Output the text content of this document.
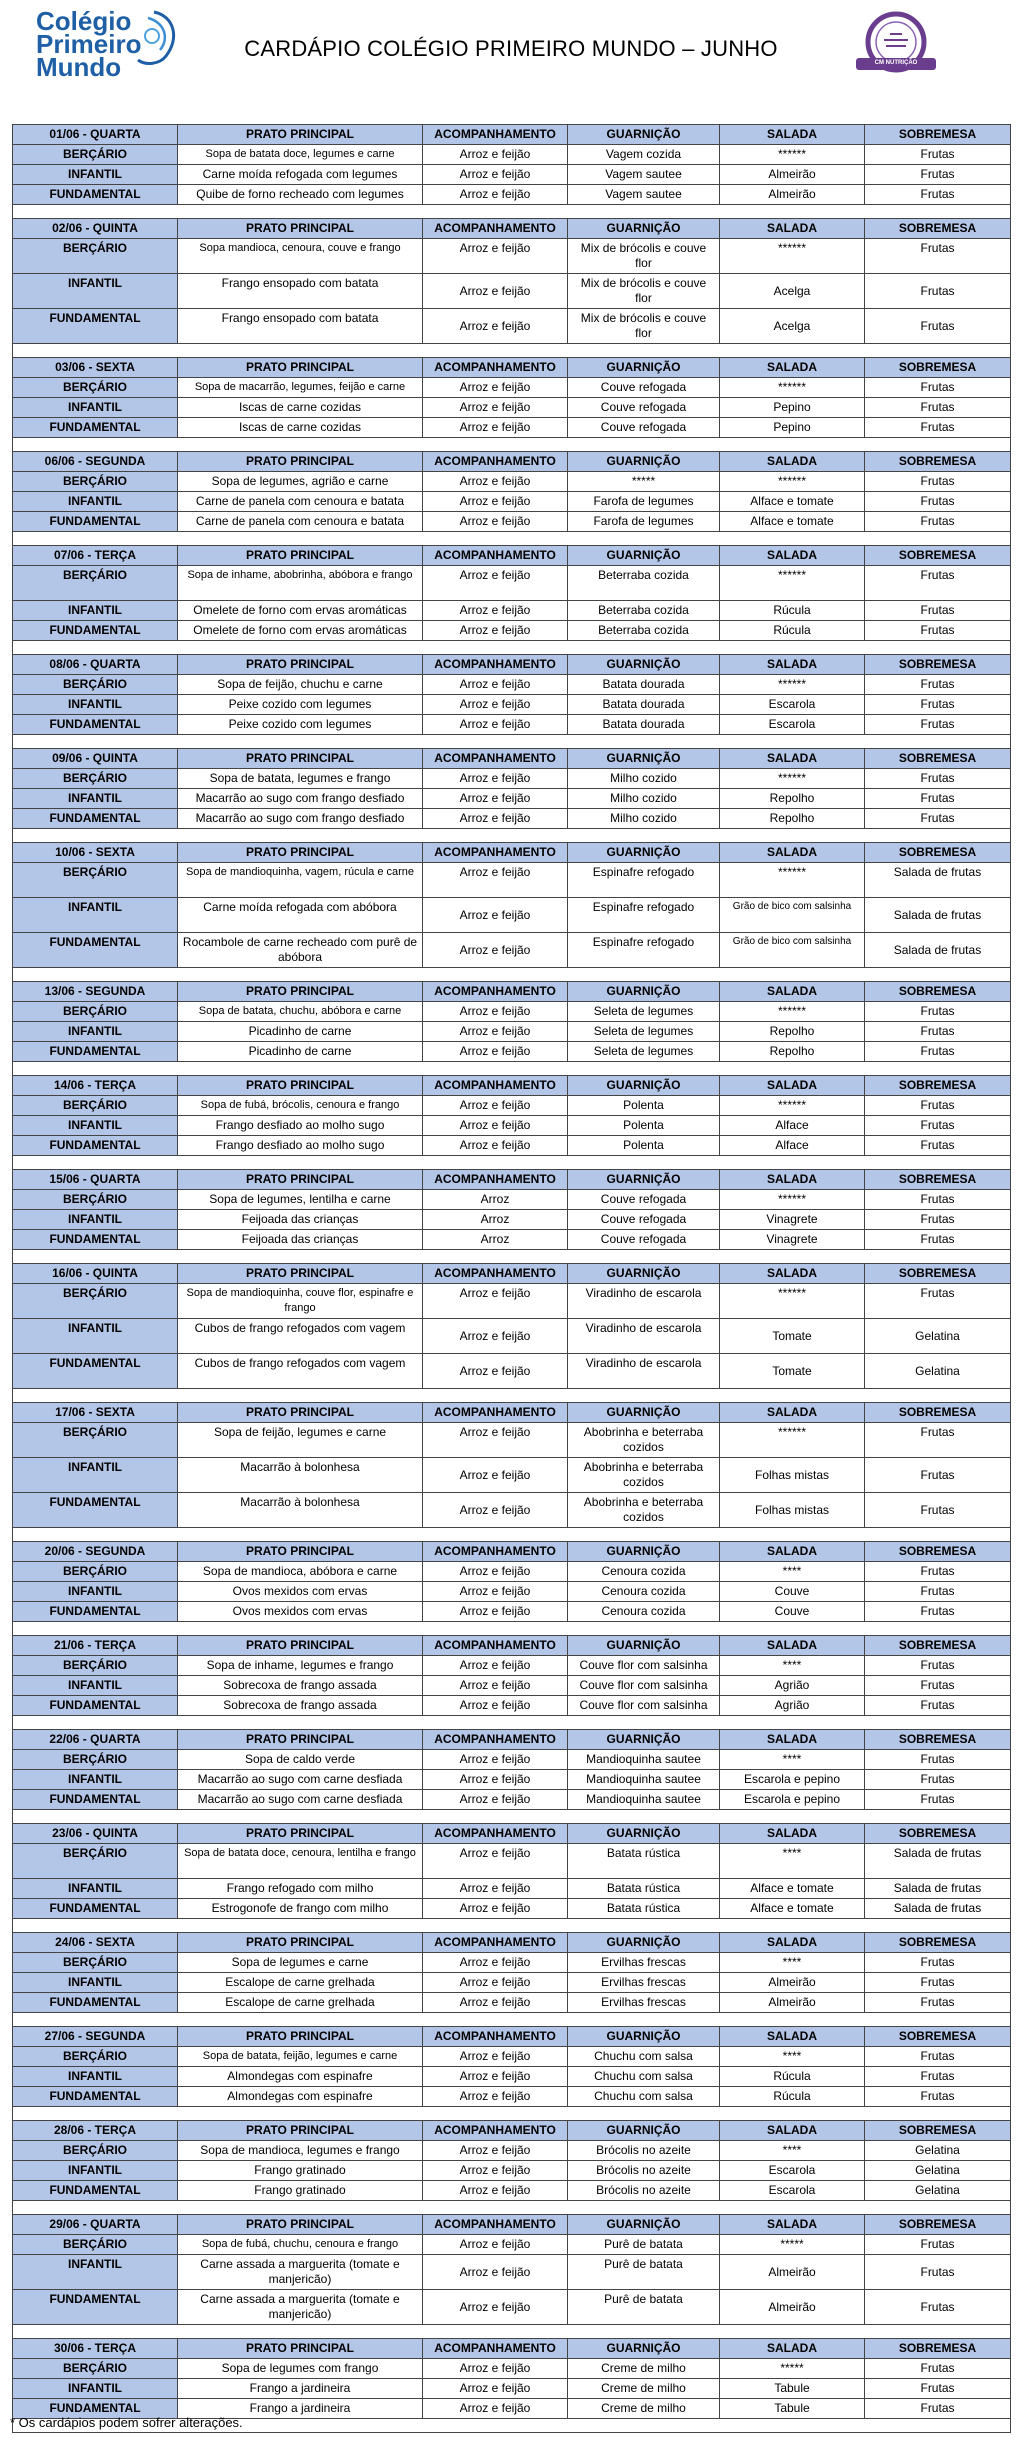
Colégio
Primeiro
Mundo
CARDÁPIO COLÉGIO PRIMEIRO MUNDO – JUNHO
CM NUTRIÇÃO
01/06 - QUARTA	PRATO PRINCIPAL	ACOMPANHAMENTO	GUARNIÇÃO	SALADA	SOBREMESA
BERÇÁRIO	Sopa de batata doce, legumes e carne	Arroz e feijão	Vagem cozida	******	Frutas
INFANTIL	Carne moída refogada com legumes	Arroz e feijão	Vagem sautee	Almeirão	Frutas
FUNDAMENTAL	Quibe de forno recheado com legumes	Arroz e feijão	Vagem sautee	Almeirão	Frutas

02/06 - QUINTA	PRATO PRINCIPAL	ACOMPANHAMENTO	GUARNIÇÃO	SALADA	SOBREMESA
BERÇÁRIO	Sopa mandioca, cenoura, couve e frango	Arroz e feijão	Mix de brócolis e couve flor	******	Frutas
INFANTIL	Frango ensopado com batata	Arroz e feijão	Mix de brócolis e couve flor	Acelga	Frutas
FUNDAMENTAL	Frango ensopado com batata	Arroz e feijão	Mix de brócolis e couve flor	Acelga	Frutas

03/06 - SEXTA	PRATO PRINCIPAL	ACOMPANHAMENTO	GUARNIÇÃO	SALADA	SOBREMESA
BERÇÁRIO	Sopa de macarrão, legumes, feijão e carne	Arroz e feijão	Couve refogada	******	Frutas
INFANTIL	Iscas de carne cozidas	Arroz e feijão	Couve refogada	Pepino	Frutas
FUNDAMENTAL	Iscas de carne cozidas	Arroz e feijão	Couve refogada	Pepino	Frutas

06/06 - SEGUNDA	PRATO PRINCIPAL	ACOMPANHAMENTO	GUARNIÇÃO	SALADA	SOBREMESA
BERÇÁRIO	Sopa de legumes, agrião e carne	Arroz e feijão	*****	******	Frutas
INFANTIL	Carne de panela com cenoura e batata	Arroz e feijão	Farofa de legumes	Alface e tomate	Frutas
FUNDAMENTAL	Carne de panela com cenoura e batata	Arroz e feijão	Farofa de legumes	Alface e tomate	Frutas

07/06 - TERÇA	PRATO PRINCIPAL	ACOMPANHAMENTO	GUARNIÇÃO	SALADA	SOBREMESA
BERÇÁRIO	Sopa de inhame, abobrinha, abóbora e frango	Arroz e feijão	Beterraba cozida	******	Frutas
INFANTIL	Omelete de forno com ervas aromáticas	Arroz e feijão	Beterraba cozida	Rúcula	Frutas
FUNDAMENTAL	Omelete de forno com ervas aromáticas	Arroz e feijão	Beterraba cozida	Rúcula	Frutas

08/06 - QUARTA	PRATO PRINCIPAL	ACOMPANHAMENTO	GUARNIÇÃO	SALADA	SOBREMESA
BERÇÁRIO	Sopa de feijão, chuchu e carne	Arroz e feijão	Batata dourada	******	Frutas
INFANTIL	Peixe cozido com legumes	Arroz e feijão	Batata dourada	Escarola	Frutas
FUNDAMENTAL	Peixe cozido com legumes	Arroz e feijão	Batata dourada	Escarola	Frutas

09/06 - QUINTA	PRATO PRINCIPAL	ACOMPANHAMENTO	GUARNIÇÃO	SALADA	SOBREMESA
BERÇÁRIO	Sopa de batata, legumes e frango	Arroz e feijão	Milho cozido	******	Frutas
INFANTIL	Macarrão ao sugo com frango desfiado	Arroz e feijão	Milho cozido	Repolho	Frutas
FUNDAMENTAL	Macarrão ao sugo com frango desfiado	Arroz e feijão	Milho cozido	Repolho	Frutas

10/06 - SEXTA	PRATO PRINCIPAL	ACOMPANHAMENTO	GUARNIÇÃO	SALADA	SOBREMESA
BERÇÁRIO	Sopa de mandioquinha, vagem, rúcula e carne	Arroz e feijão	Espinafre refogado	******	Salada de frutas
INFANTIL	Carne moída refogada com abóbora	Arroz e feijão	Espinafre refogado	Grão de bico com salsinha	Salada de frutas
FUNDAMENTAL	Rocambole de carne recheado com purê de abóbora	Arroz e feijão	Espinafre refogado	Grão de bico com salsinha	Salada de frutas

13/06 - SEGUNDA	PRATO PRINCIPAL	ACOMPANHAMENTO	GUARNIÇÃO	SALADA	SOBREMESA
BERÇÁRIO	Sopa de batata, chuchu, abóbora e carne	Arroz e feijão	Seleta de legumes	******	Frutas
INFANTIL	Picadinho de carne	Arroz e feijão	Seleta de legumes	Repolho	Frutas
FUNDAMENTAL	Picadinho de carne	Arroz e feijão	Seleta de legumes	Repolho	Frutas

14/06 - TERÇA	PRATO PRINCIPAL	ACOMPANHAMENTO	GUARNIÇÃO	SALADA	SOBREMESA
BERÇÁRIO	Sopa de fubá, brócolis, cenoura e frango	Arroz e feijão	Polenta	******	Frutas
INFANTIL	Frango desfiado ao molho sugo	Arroz e feijão	Polenta	Alface	Frutas
FUNDAMENTAL	Frango desfiado ao molho sugo	Arroz e feijão	Polenta	Alface	Frutas

15/06 - QUARTA	PRATO PRINCIPAL	ACOMPANHAMENTO	GUARNIÇÃO	SALADA	SOBREMESA
BERÇÁRIO	Sopa de legumes, lentilha e carne	Arroz	Couve refogada	******	Frutas
INFANTIL	Feijoada das crianças	Arroz	Couve refogada	Vinagrete	Frutas
FUNDAMENTAL	Feijoada das crianças	Arroz	Couve refogada	Vinagrete	Frutas

16/06 - QUINTA	PRATO PRINCIPAL	ACOMPANHAMENTO	GUARNIÇÃO	SALADA	SOBREMESA
BERÇÁRIO	Sopa de mandioquinha, couve flor, espinafre e frango	Arroz e feijão	Viradinho de escarola	******	Frutas
INFANTIL	Cubos de frango refogados com vagem	Arroz e feijão	Viradinho de escarola	Tomate	Gelatina
FUNDAMENTAL	Cubos de frango refogados com vagem	Arroz e feijão	Viradinho de escarola	Tomate	Gelatina

17/06 - SEXTA	PRATO PRINCIPAL	ACOMPANHAMENTO	GUARNIÇÃO	SALADA	SOBREMESA
BERÇÁRIO	Sopa de feijão, legumes e carne	Arroz e feijão	Abobrinha e beterraba cozidos	******	Frutas
INFANTIL	Macarrão à bolonhesa	Arroz e feijão	Abobrinha e beterraba cozidos	Folhas mistas	Frutas
FUNDAMENTAL	Macarrão à bolonhesa	Arroz e feijão	Abobrinha e beterraba cozidos	Folhas mistas	Frutas

20/06 - SEGUNDA	PRATO PRINCIPAL	ACOMPANHAMENTO	GUARNIÇÃO	SALADA	SOBREMESA
BERÇÁRIO	Sopa de mandioca, abóbora e carne	Arroz e feijão	Cenoura cozida	****	Frutas
INFANTIL	Ovos mexidos com ervas	Arroz e feijão	Cenoura cozida	Couve	Frutas
FUNDAMENTAL	Ovos mexidos com ervas	Arroz e feijão	Cenoura cozida	Couve	Frutas

21/06 - TERÇA	PRATO PRINCIPAL	ACOMPANHAMENTO	GUARNIÇÃO	SALADA	SOBREMESA
BERÇÁRIO	Sopa de inhame, legumes e frango	Arroz e feijão	Couve flor com salsinha	****	Frutas
INFANTIL	Sobrecoxa de frango assada	Arroz e feijão	Couve flor com salsinha	Agrião	Frutas
FUNDAMENTAL	Sobrecoxa de frango assada	Arroz e feijão	Couve flor com salsinha	Agrião	Frutas

22/06 - QUARTA	PRATO PRINCIPAL	ACOMPANHAMENTO	GUARNIÇÃO	SALADA	SOBREMESA
BERÇÁRIO	Sopa de caldo verde	Arroz e feijão	Mandioquinha sautee	****	Frutas
INFANTIL	Macarrão ao sugo com carne desfiada	Arroz e feijão	Mandioquinha sautee	Escarola e pepino	Frutas
FUNDAMENTAL	Macarrão ao sugo com carne desfiada	Arroz e feijão	Mandioquinha sautee	Escarola e pepino	Frutas

23/06 - QUINTA	PRATO PRINCIPAL	ACOMPANHAMENTO	GUARNIÇÃO	SALADA	SOBREMESA
BERÇÁRIO	Sopa de batata doce, cenoura, lentilha e frango	Arroz e feijão	Batata rústica	****	Salada de frutas
INFANTIL	Frango refogado com milho	Arroz e feijão	Batata rústica	Alface e tomate	Salada de frutas
FUNDAMENTAL	Estrogonofe de frango com milho	Arroz e feijão	Batata rústica	Alface e tomate	Salada de frutas

24/06 - SEXTA	PRATO PRINCIPAL	ACOMPANHAMENTO	GUARNIÇÃO	SALADA	SOBREMESA
BERÇÁRIO	Sopa de legumes e carne	Arroz e feijão	Ervilhas frescas	****	Frutas
INFANTIL	Escalope de carne grelhada	Arroz e feijão	Ervilhas frescas	Almeirão	Frutas
FUNDAMENTAL	Escalope de carne grelhada	Arroz e feijão	Ervilhas frescas	Almeirão	Frutas

27/06 - SEGUNDA	PRATO PRINCIPAL	ACOMPANHAMENTO	GUARNIÇÃO	SALADA	SOBREMESA
BERÇÁRIO	Sopa de batata, feijão, legumes e carne	Arroz e feijão	Chuchu com salsa	****	Frutas
INFANTIL	Almondegas com espinafre	Arroz e feijão	Chuchu com salsa	Rúcula	Frutas
FUNDAMENTAL	Almondegas com espinafre	Arroz e feijão	Chuchu com salsa	Rúcula	Frutas

28/06 - TERÇA	PRATO PRINCIPAL	ACOMPANHAMENTO	GUARNIÇÃO	SALADA	SOBREMESA
BERÇÁRIO	Sopa de mandioca, legumes e frango	Arroz e feijão	Brócolis no azeite	****	Gelatina
INFANTIL	Frango gratinado	Arroz e feijão	Brócolis no azeite	Escarola	Gelatina
FUNDAMENTAL	Frango gratinado	Arroz e feijão	Brócolis no azeite	Escarola	Gelatina

29/06 - QUARTA	PRATO PRINCIPAL	ACOMPANHAMENTO	GUARNIÇÃO	SALADA	SOBREMESA
BERÇÁRIO	Sopa de fubá, chuchu, cenoura e frango	Arroz e feijão	Purê de batata	*****	Frutas
INFANTIL	Carne assada a marguerita (tomate e manjericão)	Arroz e feijão	Purê de batata	Almeirão	Frutas
FUNDAMENTAL	Carne assada a marguerita (tomate e manjericão)	Arroz e feijão	Purê de batata	Almeirão	Frutas

30/06 - TERÇA	PRATO PRINCIPAL	ACOMPANHAMENTO	GUARNIÇÃO	SALADA	SOBREMESA
BERÇÁRIO	Sopa de legumes com frango	Arroz e feijão	Creme de milho	*****	Frutas
INFANTIL	Frango a jardineira	Arroz e feijão	Creme de milho	Tabule	Frutas
FUNDAMENTAL	Frango a jardineira	Arroz e feijão	Creme de milho	Tabule	Frutas

* Os cardápios podem sofrer alterações.
